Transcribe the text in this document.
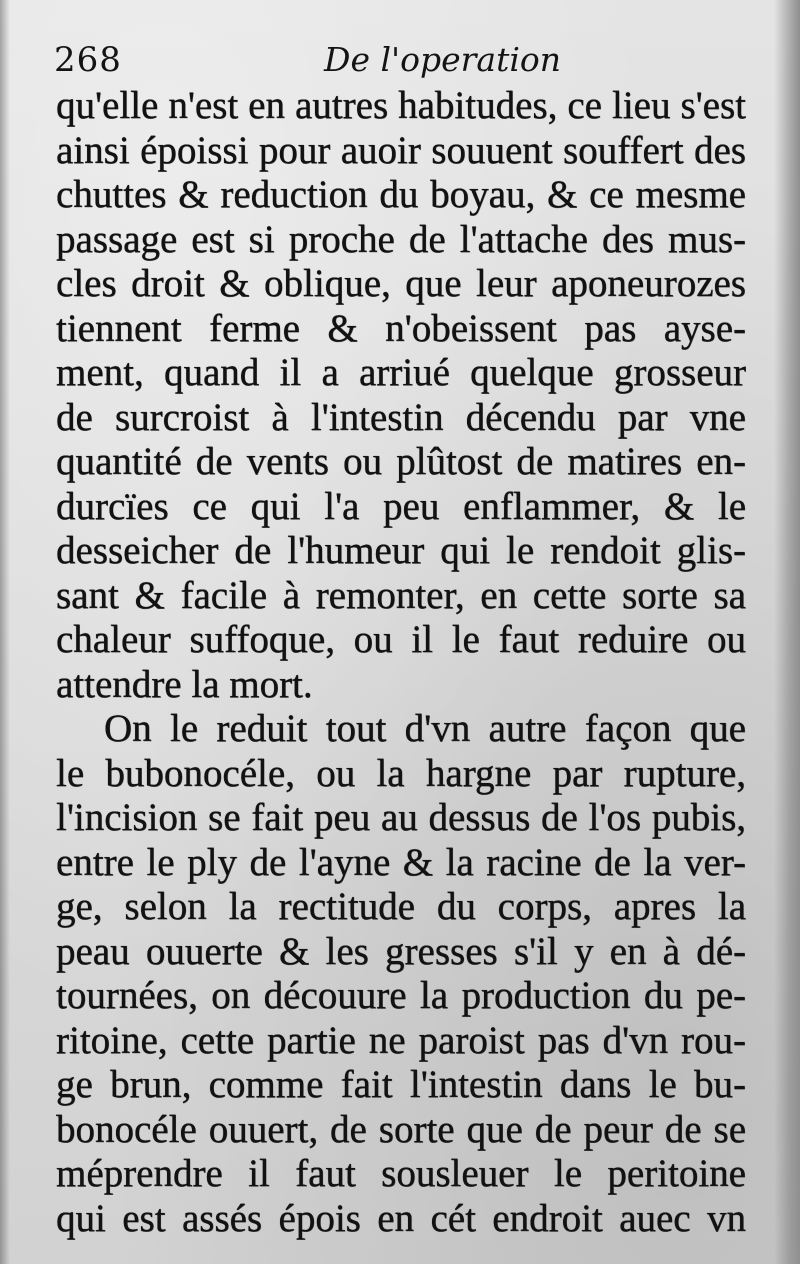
268	De l'operation
qu'elle n'est en autres habitudes, ce lieu s'est
ainsi époissi pour auoir souuent souffert des
chuttes & reduction du boyau, & ce mesme
passage est si proche de l'attache des mus-
cles droit & oblique, que leur aponeurozes
tiennent ferme & n'obeissent pas ayse-
ment, quand il a arriué quelque grosseur
de surcroist à l'intestin décendu par vne
quantité de vents ou plûtost de matires en-
durcïes ce qui l'a peu enflammer, & le
desseicher de l'humeur qui le rendoit glis-
sant & facile à remonter, en cette sorte sa
chaleur suffoque, ou il le faut reduire ou
attendre la mort.
On le reduit tout d'vn autre façon que
le bubonocéle, ou la hargne par rupture,
l'incision se fait peu au dessus de l'os pubis,
entre le ply de l'ayne & la racine de la ver-
ge, selon la rectitude du corps, apres la
peau ouuerte & les gresses s'il y en à dé-
tournées, on découure la production du pe-
ritoine, cette partie ne paroist pas d'vn rou-
ge brun, comme fait l'intestin dans le bu-
bonocéle ouuert, de sorte que de peur de se
méprendre il faut sousleuer le peritoine
qui est assés épois en cét endroit auec vn
